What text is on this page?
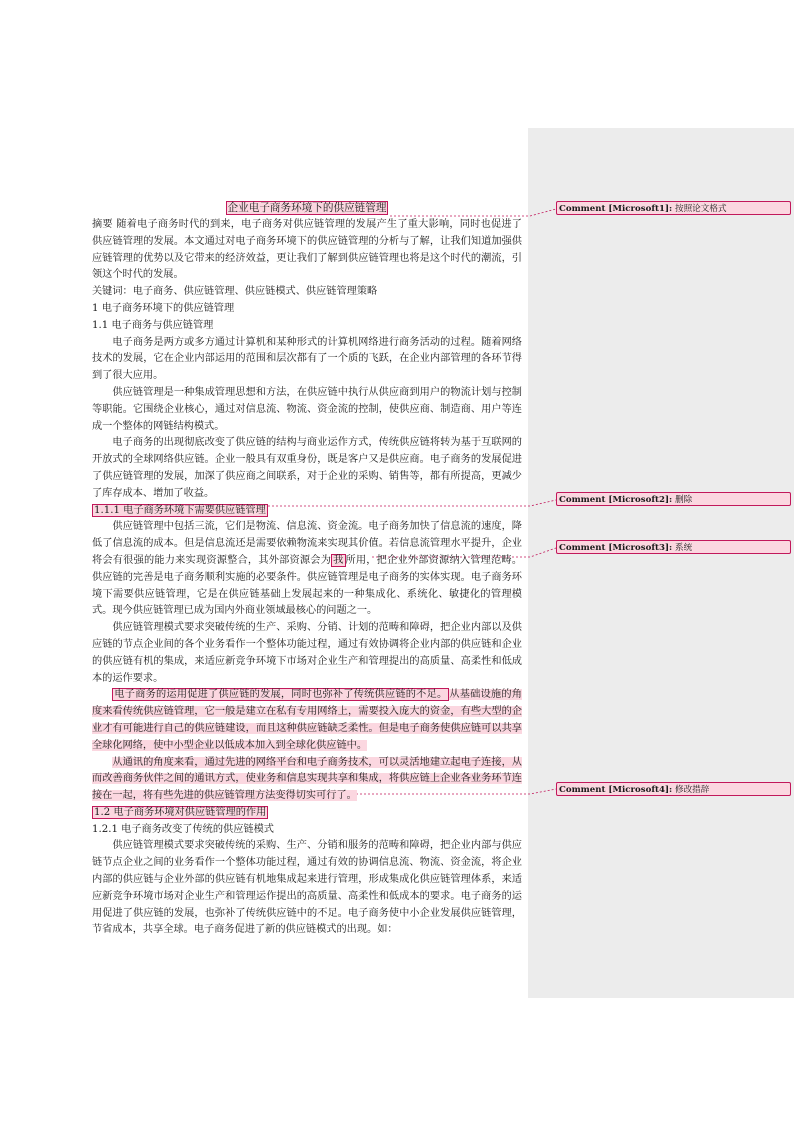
企业电子商务环境下的供应链管理

摘要 随着电子商务时代的到来，电子商务对供应链管理的发展产生了重大影响，同时也促进了供应链管理的发展。本文通过对电子商务环境下的供应链管理的分析与了解，让我们知道加强供应链管理的优势以及它带来的经济效益，更让我们了解到供应链管理也将是这个时代的潮流，引领这个时代的发展。

关键词：电子商务、供应链管理、供应链模式、供应链管理策略

1 电子商务环境下的供应链管理

1.1 电子商务与供应链管理

电子商务是两方或多方通过计算机和某种形式的计算机网络进行商务活动的过程。随着网络技术的发展，它在企业内部运用的范围和层次都有了一个质的飞跃，在企业内部管理的各环节得到了很大应用。

供应链管理是一种集成管理思想和方法，在供应链中执行从供应商到用户的物流计划与控制等职能。它围绕企业核心，通过对信息流、物流、资金流的控制，使供应商、制造商、用户等连成一个整体的网链结构模式。

电子商务的出现彻底改变了供应链的结构与商业运作方式，传统供应链将转为基于互联网的开放式的全球网络供应链。企业一般具有双重身份，既是客户又是供应商。电子商务的发展促进了供应链管理的发展，加深了供应商之间联系，对于企业的采购、销售等，都有所提高，更减少了库存成本、增加了收益。

1.1.1 电子商务环境下需要供应链管理

供应链管理中包括三流，它们是物流、信息流、资金流。电子商务加快了信息流的速度，降低了信息流的成本。但是信息流还是需要依赖物流来实现其价值。若信息流管理水平提升，企业将会有很强的能力来实现资源整合，其外部资源会为 我 所用，把企业外部资源纳入管理范畴。供应链的完善是电子商务顺利实施的必要条件。供应链管理是电子商务的实体实现。电子商务环境下需要供应链管理，它是在供应链基础上发展起来的一种集成化、系统化、敏捷化的管理模式。现今供应链管理已成为国内外商业领域最核心的问题之一。

供应链管理模式要求突破传统的生产、采购、分销、计划的范畴和障碍，把企业内部以及供应链的节点企业间的各个业务看作一个整体功能过程，通过有效协调将企业内部的供应链和企业的供应链有机的集成，来适应新竞争环境下市场对企业生产和管理提出的高质量、高柔性和低成本的运作要求。

电子商务的运用促进了供应链的发展，同时也弥补了传统供应链的不足。 从基础设施的角度来看传统供应链管理，它一般是建立在私有专用网络上，需要投入庞大的资金，有些大型的企业才有可能进行自己的供应链建设，而且这种供应链缺乏柔性。但是电子商务使供应链可以共享全球化网络，使中小型企业以低成本加入到全球化供应链中。

从通讯的角度来看，通过先进的网络平台和电子商务技术，可以灵活地建立起电子连接，从而改善商务伙伴之间的通讯方式，使业务和信息实现共享和集成，将供应链上企业各业务环节连接在一起，将有些先进的供应链管理方法变得切实可行了。

1.2 电子商务环境对供应链管理的作用

1.2.1 电子商务改变了传统的供应链模式

供应链管理模式要求突破传统的采购、生产、分销和服务的范畴和障碍，把企业内部与供应链节点企业之间的业务看作一个整体功能过程，通过有效的协调信息流、物流、资金流，将企业内部的供应链与企业外部的供应链有机地集成起来进行管理，形成集成化供应链管理体系，来适应新竞争环境市场对企业生产和管理运作提出的高质量、高柔性和低成本的要求。电子商务的运用促进了供应链的发展，也弥补了传统供应链中的不足。电子商务使中小企业发展供应链管理，节省成本，共享全球。电子商务促进了新的供应链模式的出现。如：

Comment [Microsoft1]: 按照论文格式
Comment [Microsoft2]: 删除
Comment [Microsoft3]: 系统
Comment [Microsoft4]: 修改措辞
